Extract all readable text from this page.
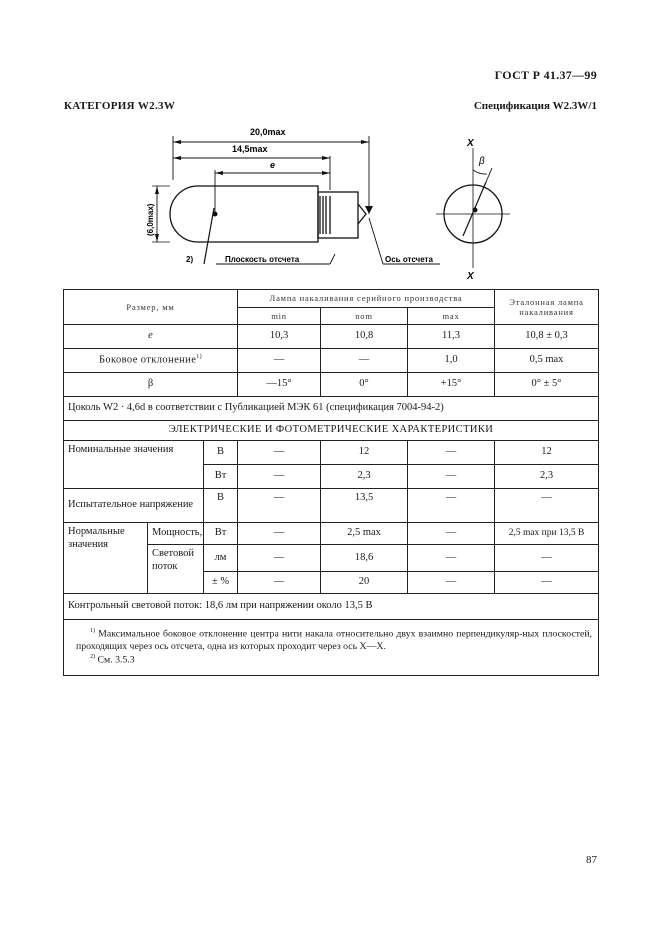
ГОСТ Р 41.37—99
КАТЕГОРИЯ W2.3W	Спецификация W2.3W/1
20,0max
14,5max
e
(6,0max)
2)	Плоскость отсчета	Ось отсчета
X
X
β
Размер, мм			Лампа накаливания серийного производства			Эталонная лампа накаливания
			min	nom	max	
e			10,3	10,8	11,3	10,8 ± 0,3
Боковое отклонение$^{1)}$			—	—	1,0	0,5 max
β			—15°	0°	+15°	0° ± 5°
Цоколь W2 · 4,6d в соответствии с Публикацией МЭК 61 (спецификация 7004-94-2)						
ЭЛЕКТРИЧЕСКИЕ И ФОТОМЕТРИЧЕСКИЕ ХАРАКТЕРИСТИКИ						
Номинальные значения		В	—	12	—	12
		Вт	—	2,3	—	2,3
Испытательное напряжение		В	—	13,5	—	—
Нормальные значения	Мощность,	Вт	—	2,5 max	—	2,5 max при 13,5 В
	Световой поток	лм	—	18,6	—	—
		± %	—	20	—	—
Контрольный световой поток: 18,6 лм при напряжении около 13,5 В						

$^{1)}$ Максимальное боковое отклонение центра нити накала относительно двух взаимно перпендикуляр-ных плоскостей, проходящих через ось отсчета, одна из которых проходит через ось X—X.
$^{2)}$ См. 3.5.3						
87
